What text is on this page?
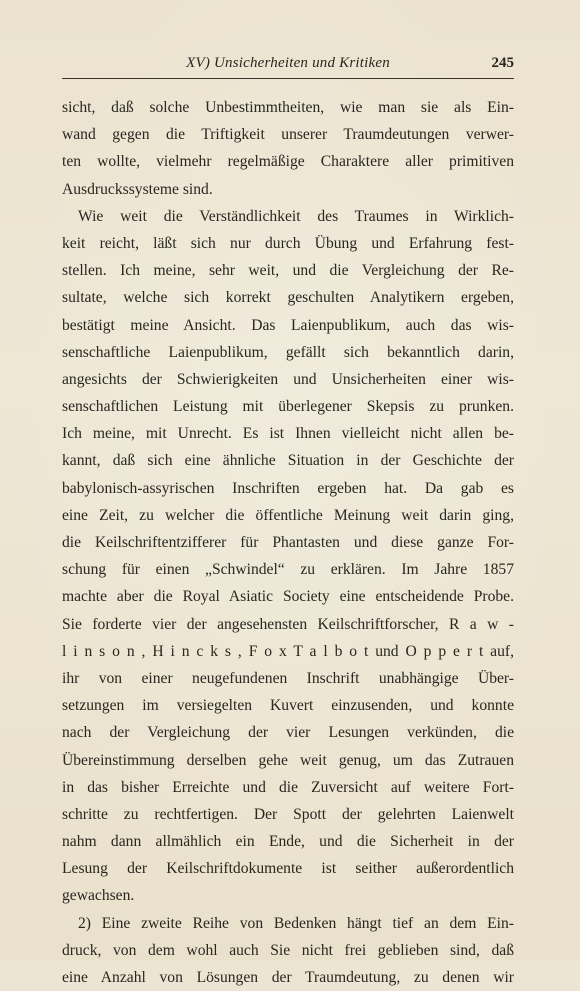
XV) Unsicherheiten und Kritiken	245
sicht, daß solche Unbestimmtheiten, wie man sie als Ein-
wand gegen die Triftigkeit unserer Traumdeutungen verwer-
ten wollte, vielmehr regelmäßige Charaktere aller primitiven
Ausdruckssysteme sind.
Wie weit die Verständlichkeit des Traumes in Wirklich-
keit reicht, läßt sich nur durch Übung und Erfahrung fest-
stellen. Ich meine, sehr weit, und die Vergleichung der Re-
sultate, welche sich korrekt geschulten Analytikern ergeben,
bestätigt meine Ansicht. Das Laienpublikum, auch das wis-
senschaftliche Laienpublikum, gefällt sich bekanntlich darin,
angesichts der Schwierigkeiten und Unsicherheiten einer wis-
senschaftlichen Leistung mit überlegener Skepsis zu prunken.
Ich meine, mit Unrecht. Es ist Ihnen vielleicht nicht allen be-
kannt, daß sich eine ähnliche Situation in der Geschichte der
babylonisch-assyrischen Inschriften ergeben hat. Da gab es
eine Zeit, zu welcher die öffentliche Meinung weit darin ging,
die Keilschriftentzifferer für Phantasten und diese ganze For-
schung für einen „Schwindel“ zu erklären. Im Jahre 1857
machte aber die Royal Asiatic Society eine entscheidende Probe.
Sie forderte vier der angesehensten Keilschriftforscher, R a w -
l i n s o n , H i n c k s , F o x T a l b o t und O p p e r t auf,
ihr von einer neugefundenen Inschrift unabhängige Über-
setzungen im versiegelten Kuvert einzusenden, und konnte
nach der Vergleichung der vier Lesungen verkünden, die
Übereinstimmung derselben gehe weit genug, um das Zutrauen
in das bisher Erreichte und die Zuversicht auf weitere Fort-
schritte zu rechtfertigen. Der Spott der gelehrten Laienwelt
nahm dann allmählich ein Ende, und die Sicherheit in der
Lesung der Keilschriftdokumente ist seither außerordentlich
gewachsen.
2) Eine zweite Reihe von Bedenken hängt tief an dem Ein-
druck, von dem wohl auch Sie nicht frei geblieben sind, daß
eine Anzahl von Lösungen der Traumdeutung, zu denen wir
